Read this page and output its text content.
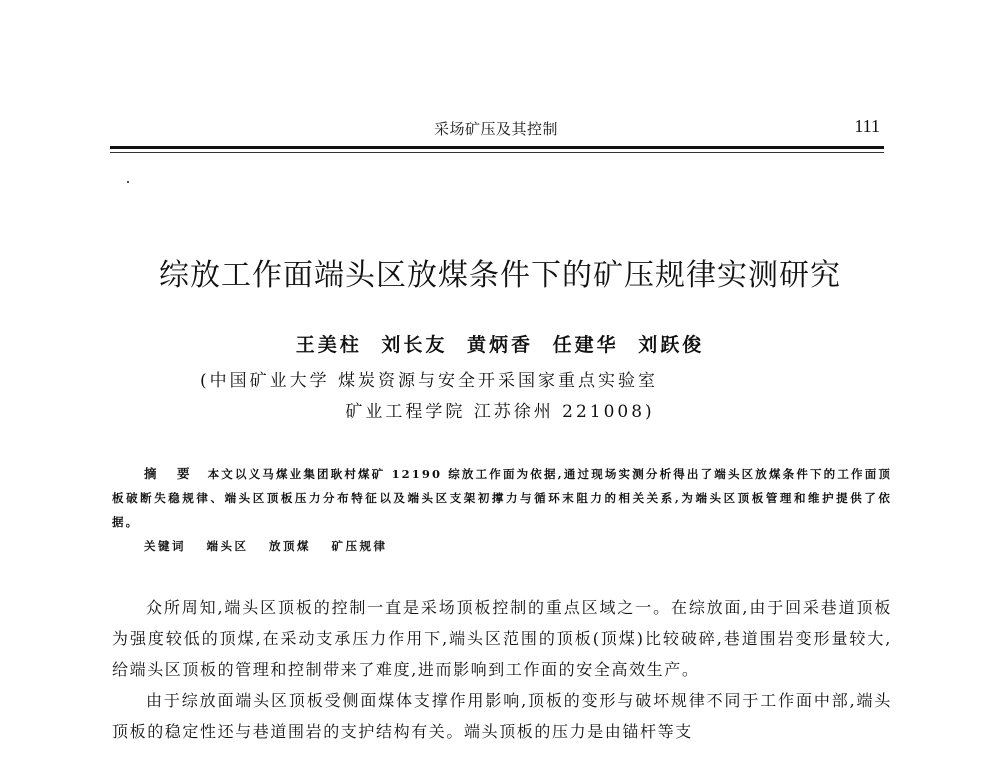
采场矿压及其控制	111
综放工作面端头区放煤条件下的矿压规律实测研究
王美柱 刘长友 黄炳香 任建华 刘跃俊
(中国矿业大学 煤炭资源与安全开采国家重点实验室
矿业工程学院 江苏徐州 221008)
摘 要 本文以义马煤业集团耿村煤矿 12190 综放工作面为依据,通过现场实测分析得出了端头区放煤条件下的工作面顶板破断失稳规律、端头区顶板压力分布特征以及端头区支架初撑力与循环末阻力的相关关系,为端头区顶板管理和维护提供了依据。
关键词 端头区 放顶煤 矿压规律

众所周知,端头区顶板的控制一直是采场顶板控制的重点区域之一。在综放面,由于回采巷道顶板为强度较低的顶煤,在采动支承压力作用下,端头区范围的顶板(顶煤)比较破碎,巷道围岩变形量较大,给端头区顶板的管理和控制带来了难度,进而影响到工作面的安全高效生产。

由于综放面端头区顶板受侧面煤体支撑作用影响,顶板的变形与破坏规律不同于工作面中部,端头顶板的稳定性还与巷道围岩的支护结构有关。端头顶板的压力是由锚杆等支
